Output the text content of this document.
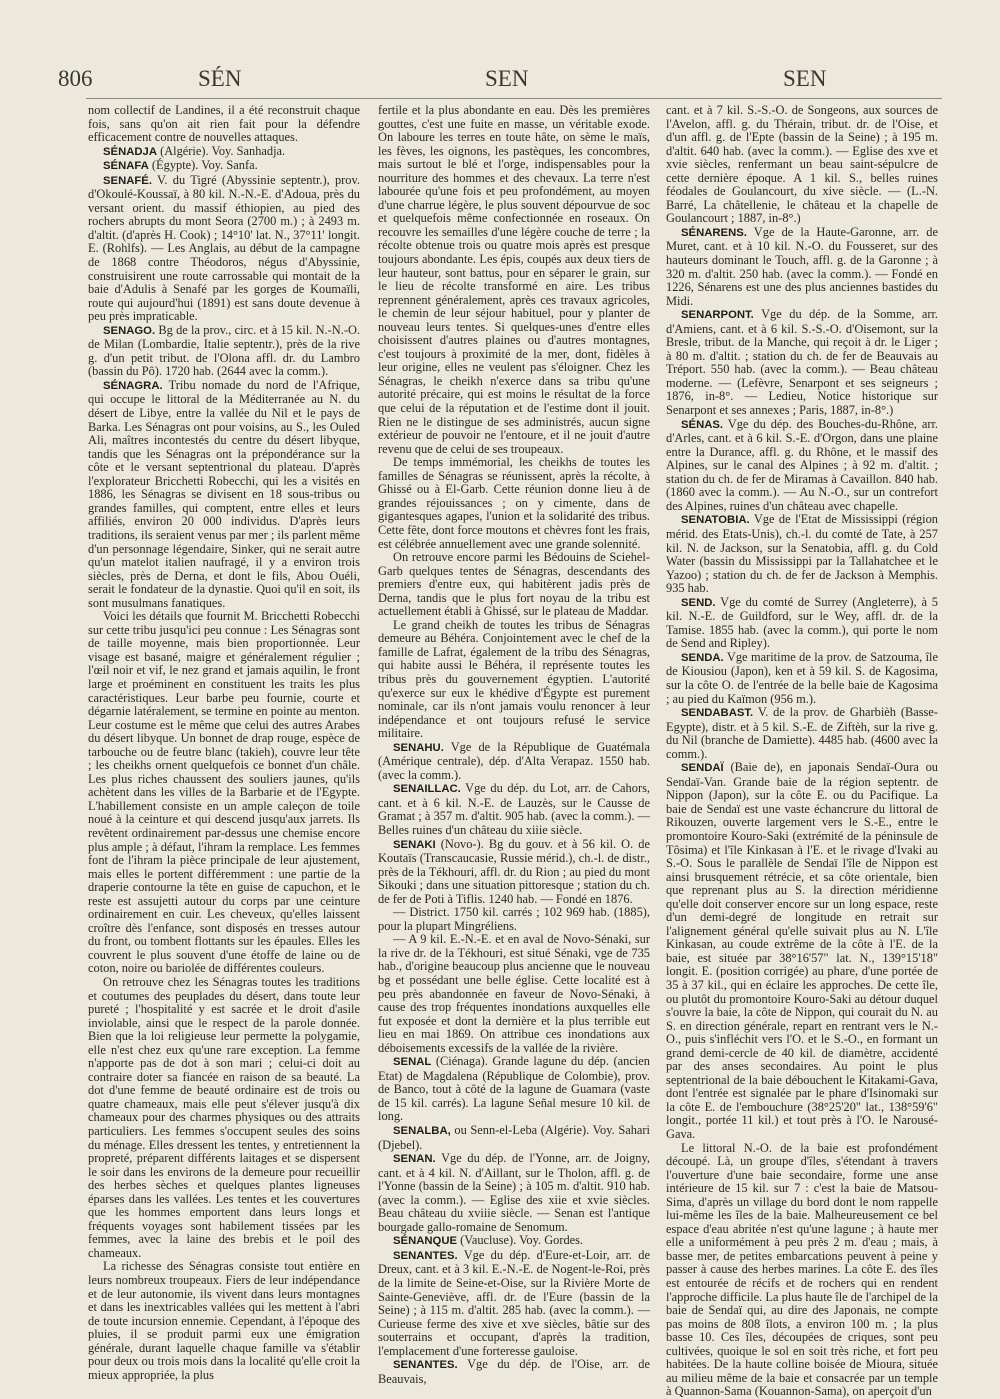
806	SÉN	SEN	SEN

nom collectif de Landines, il a été reconstruit chaque fois, sans qu'on ait rien fait pour la défendre efficacement contre de nouvelles attaques.

SÉNADJA (Algérie). Voy. Sanhadja.

SÉNAFA (Égypte). Voy. Sanfa.

SENAFÉ. V. du Tigré (Abyssinie septentr.), prov. d'Okoulé-Koussaï, à 80 kil. N.-N.-E. d'Adoua, près du versant orient. du massif éthiopien, au pied des rochers abrupts du mont Seora (2700 m.) ; à 2493 m. d'altit. (d'après H. Cook) ; 14°10' lat. N., 37°11' longit. E. (Rohlfs). — Les Anglais, au début de la campagne de 1868 contre Théodoros, négus d'Abyssinie, construisirent une route carrossable qui montait de la baie d'Adulis à Senafé par les gorges de Koumaïli, route qui aujourd'hui (1891) est sans doute devenue à peu près impraticable.

SENAGO. Bg de la prov., circ. et à 15 kil. N.-N.-O. de Milan (Lombardie, Italie septentr.), près de la rive g. d'un petit tribut. de l'Olona affl. dr. du Lambro (bassin du Pô). 1720 hab. (2644 avec la comm.).

SÉNAGRA. Tribu nomade du nord de l'Afrique, qui occupe le littoral de la Méditerranée au N. du désert de Libye, entre la vallée du Nil et le pays de Barka. Les Sénagras ont pour voisins, au S., les Ouled Ali, maîtres incontestés du centre du désert libyque, tandis que les Sénagras ont la prépondérance sur la côte et le versant septentrional du plateau. D'après l'explorateur Bricchetti Robecchi, qui les a visités en 1886, les Sénagras se divisent en 18 sous-tribus ou grandes familles, qui comptent, entre elles et leurs affiliés, environ 20 000 individus. D'après leurs traditions, ils seraient venus par mer ; ils parlent même d'un personnage légendaire, Sinker, qui ne serait autre qu'un matelot italien naufragé, il y a environ trois siècles, près de Derna, et dont le fils, Abou Ouéli, serait le fondateur de la dynastie. Quoi qu'il en soit, ils sont musulmans fanatiques.

Voici les détails que fournit M. Bricchetti Robecchi sur cette tribu jusqu'ici peu connue : Les Sénagras sont de taille moyenne, mais bien proportionnée. Leur visage est basané, maigre et généralement régulier ; l'œil noir et vif, le nez grand et jamais aquilin, le front large et proéminent en constituent les traits les plus caractéristiques. Leur barbe peu fournie, courte et dégarnie latéralement, se termine en pointe au menton. Leur costume est le même que celui des autres Arabes du désert libyque. Un bonnet de drap rouge, espèce de tarbouche ou de feutre blanc (takieh), couvre leur tête ; les cheikhs ornent quelquefois ce bonnet d'un châle. Les plus riches chaussent des souliers jaunes, qu'ils achètent dans les villes de la Barbarie et de l'Egypte. L'habillement consiste en un ample caleçon de toile noué à la ceinture et qui descend jusqu'aux jarrets. Ils revêtent ordinairement par-dessus une chemise encore plus ample ; à défaut, l'ihram la remplace. Les femmes font de l'ihram la pièce principale de leur ajustement, mais elles le portent différemment : une partie de la draperie contourne la tête en guise de capuchon, et le reste est assujetti autour du corps par une ceinture ordinairement en cuir. Les cheveux, qu'elles laissent croître dès l'enfance, sont disposés en tresses autour du front, ou tombent flottants sur les épaules. Elles les couvrent le plus souvent d'une étoffe de laine ou de coton, noire ou bariolée de différentes couleurs.

On retrouve chez les Sénagras toutes les traditions et coutumes des peuplades du désert, dans toute leur pureté ; l'hospitalité y est sacrée et le droit d'asile inviolable, ainsi que le respect de la parole donnée. Bien que la loi religieuse leur permette la polygamie, elle n'est chez eux qu'une rare exception. La femme n'apporte pas de dot à son mari ; celui-ci doit au contraire doter sa fiancée en raison de sa beauté. La dot d'une femme de beauté ordinaire est de trois ou quatre chameaux, mais elle peut s'élever jusqu'à dix chameaux pour des charmes physiques ou des attraits particuliers. Les femmes s'occupent seules des soins du ménage. Elles dressent les tentes, y entretiennent la propreté, préparent différents laitages et se dispersent le soir dans les environs de la demeure pour recueillir des herbes sèches et quelques plantes ligneuses éparses dans les vallées. Les tentes et les couvertures que les hommes emportent dans leurs longs et fréquents voyages sont habilement tissées par les femmes, avec la laine des brebis et le poil des chameaux.

La richesse des Sénagras consiste tout entière en leurs nombreux troupeaux. Fiers de leur indépendance et de leur autonomie, ils vivent dans leurs montagnes et dans les inextricables vallées qui les mettent à l'abri de toute incursion ennemie. Cependant, à l'époque des pluies, il se produit parmi eux une émigration générale, durant laquelle chaque famille va s'établir pour deux ou trois mois dans la localité qu'elle croit la mieux appropriée, la plus

fertile et la plus abondante en eau. Dès les premières gouttes, c'est une fuite en masse, un véritable exode. On laboure les terres en toute hâte, on sème le maïs, les fèves, les oignons, les pastèques, les concombres, mais surtout le blé et l'orge, indispensables pour la nourriture des hommes et des chevaux. La terre n'est labourée qu'une fois et peu profondément, au moyen d'une charrue légère, le plus souvent dépourvue de soc et quelquefois même confectionnée en roseaux. On recouvre les semailles d'une légère couche de terre ; la récolte obtenue trois ou quatre mois après est presque toujours abondante. Les épis, coupés aux deux tiers de leur hauteur, sont battus, pour en séparer le grain, sur le lieu de récolte transformé en aire. Les tribus reprennent généralement, après ces travaux agricoles, le chemin de leur séjour habituel, pour y planter de nouveau leurs tentes. Si quelques-unes d'entre elles choisissent d'autres plaines ou d'autres montagnes, c'est toujours à proximité de la mer, dont, fidèles à leur origine, elles ne veulent pas s'éloigner. Chez les Sénagras, le cheikh n'exerce dans sa tribu qu'une autorité précaire, qui est moins le résultat de la force que celui de la réputation et de l'estime dont il jouit. Rien ne le distingue de ses administrés, aucun signe extérieur de pouvoir ne l'entoure, et il ne jouit d'autre revenu que de celui de ses troupeaux.

De temps immémorial, les cheikhs de toutes les familles de Sénagras se réunissent, après la récolte, à Ghissé ou à El-Garb. Cette réunion donne lieu à de grandes réjouissances ; on y cimente, dans de gigantesques agapes, l'union et la solidarité des tribus. Cette fête, dont force moutons et chèvres font les frais, est célébrée annuellement avec une grande solennité.

On retrouve encore parmi les Bédouins de Sciehel-Garb quelques tentes de Sénagras, descendants des premiers d'entre eux, qui habitèrent jadis près de Derna, tandis que le plus fort noyau de la tribu est actuellement établi à Ghissé, sur le plateau de Maddar.

Le grand cheikh de toutes les tribus de Sénagras demeure au Béhéra. Conjointement avec le chef de la famille de Lafrat, également de la tribu des Sénagras, qui habite aussi le Béhéra, il représente toutes les tribus près du gouvernement égyptien. L'autorité qu'exerce sur eux le khédive d'Égypte est purement nominale, car ils n'ont jamais voulu renoncer à leur indépendance et ont toujours refusé le service militaire.

SENAHU. Vge de la République de Guatémala (Amérique centrale), dép. d'Alta Verapaz. 1550 hab. (avec la comm.).

SENAILLAC. Vge du dép. du Lot, arr. de Cahors, cant. et à 6 kil. N.-E. de Lauzès, sur le Causse de Gramat ; à 357 m. d'altit. 905 hab. (avec la comm.). — Belles ruines d'un château du xiiie siècle.

SENAKI (Novo-). Bg du gouv. et à 56 kil. O. de Koutaïs (Transcaucasie, Russie mérid.), ch.-l. de distr., près de la Tékhouri, affl. dr. du Rion ; au pied du mont Sikouki ; dans une situation pittoresque ; station du ch. de fer de Poti à Tiflis. 1240 hab. — Fondé en 1876.

— District. 1750 kil. carrés ; 102 969 hab. (1885), pour la plupart Mingréliens.

— A 9 kil. E.-N.-E. et en aval de Novo-Sénaki, sur la rive dr. de la Tékhouri, est situé Sénaki, vge de 735 hab., d'origine beaucoup plus ancienne que le nouveau bg et possédant une belle église. Cette localité est à peu près abandonnée en faveur de Novo-Sénaki, à cause des trop fréquentes inondations auxquelles elle fut exposée et dont la dernière et la plus terrible eut lieu en mai 1869. On attribue ces inondations aux déboisements excessifs de la vallée de la rivière.

SENAL (Ciénaga). Grande lagune du dép. (ancien Etat) de Magdalena (République de Colombie), prov. de Banco, tout à côté de la lagune de Guamara (vaste de 15 kil. carrés). La lagune Señal mesure 10 kil. de long.

SENALBA, ou Senn-el-Leba (Algérie). Voy. Sahari (Djebel).

SENAN. Vge du dép. de l'Yonne, arr. de Joigny, cant. et à 4 kil. N. d'Aillant, sur le Tholon, affl. g. de l'Yonne (bassin de la Seine) ; à 105 m. d'altit. 910 hab. (avec la comm.). — Eglise des xiie et xvie siècles. Beau château du xviiie siècle. — Senan est l'antique bourgade gallo-romaine de Senomum.

SÉNANQUE (Vaucluse). Voy. Gordes.

SENANTES. Vge du dép. d'Eure-et-Loir, arr. de Dreux, cant. et à 3 kil. E.-N.-E. de Nogent-le-Roi, près de la limite de Seine-et-Oise, sur la Rivière Morte de Sainte-Geneviève, affl. dr. de l'Eure (bassin de la Seine) ; à 115 m. d'altit. 285 hab. (avec la comm.). — Curieuse ferme des xive et xve siècles, bâtie sur des souterrains et occupant, d'après la tradition, l'emplacement d'une forteresse gauloise.

SENANTES. Vge du dép. de l'Oise, arr. de Beauvais,

cant. et à 7 kil. S.-S.-O. de Songeons, aux sources de l'Avelon, affl. g. du Thérain, tribut. dr. de l'Oise, et d'un affl. g. de l'Epte (bassin de la Seine) ; à 195 m. d'altit. 640 hab. (avec la comm.). — Eglise des xve et xvie siècles, renfermant un beau saint-sépulcre de cette dernière époque. A 1 kil. S., belles ruines féodales de Goulancourt, du xive siècle. — (L.-N. Barré, La châtellenie, le château et la chapelle de Goulancourt ; 1887, in-8°.)

SÉNARENS. Vge de la Haute-Garonne, arr. de Muret, cant. et à 10 kil. N.-O. du Fousseret, sur des hauteurs dominant le Touch, affl. g. de la Garonne ; à 320 m. d'altit. 250 hab. (avec la comm.). — Fondé en 1226, Sénarens est une des plus anciennes bastides du Midi.

SENARPONT. Vge du dép. de la Somme, arr. d'Amiens, cant. et à 6 kil. S.-S.-O. d'Oisemont, sur la Bresle, tribut. de la Manche, qui reçoit à dr. le Liger ; à 80 m. d'altit. ; station du ch. de fer de Beauvais au Tréport. 550 hab. (avec la comm.). — Beau château moderne. — (Lefèvre, Senarpont et ses seigneurs ; 1876, in-8°. — Ledieu, Notice historique sur Senarpont et ses annexes ; Paris, 1887, in-8°.)

SÉNAS. Vge du dép. des Bouches-du-Rhône, arr. d'Arles, cant. et à 6 kil. S.-E. d'Orgon, dans une plaine entre la Durance, affl. g. du Rhône, et le massif des Alpines, sur le canal des Alpines ; à 92 m. d'altit. ; station du ch. de fer de Miramas à Cavaillon. 840 hab. (1860 avec la comm.). — Au N.-O., sur un contrefort des Alpines, ruines d'un château avec chapelle.

SENATOBIA. Vge de l'Etat de Mississippi (région mérid. des Etats-Unis), ch.-l. du comté de Tate, à 257 kil. N. de Jackson, sur la Senatobia, affl. g. du Cold Water (bassin du Mississippi par la Tallahatchee et le Yazoo) ; station du ch. de fer de Jackson à Memphis. 935 hab.

SEND. Vge du comté de Surrey (Angleterre), à 5 kil. N.-E. de Guildford, sur le Wey, affl. dr. de la Tamise. 1855 hab. (avec la comm.), qui porte le nom de Send and Ripley).

SENDA. Vge maritime de la prov. de Satzouma, île de Kiousiou (Japon), ken et à 59 kil. S. de Kagosima, sur la côte O. de l'entrée de la belle baie de Kagosima ; au pied du Kaïmon (956 m.).

SENDABAST. V. de la prov. de Gharbièh (Basse-Egypte), distr. et à 5 kil. S.-E. de Ziftèh, sur la rive g. du Nil (branche de Damiette). 4485 hab. (4600 avec la comm.).

SENDAÏ (Baie de), en japonais Sendaï-Oura ou Sendaï-Van. Grande baie de la région septentr. de Nippon (Japon), sur la côte E. ou du Pacifique. La baie de Sendaï est une vaste échancrure du littoral de Rikouzen, ouverte largement vers le S.-E., entre le promontoire Kouro-Saki (extrémité de la péninsule de Tôsima) et l'île Kinkasan à l'E. et le rivage d'Ivaki au S.-O. Sous le parallèle de Sendaï l'île de Nippon est ainsi brusquement rétrécie, et sa côte orientale, bien que reprenant plus au S. la direction méridienne qu'elle doit conserver encore sur un long espace, reste d'un demi-degré de longitude en retrait sur l'alignement général qu'elle suivait plus au N. L'île Kinkasan, au coude extrême de la côte à l'E. de la baie, est située par 38°16'57" lat. N., 139°15'18" longit. E. (position corrigée) au phare, d'une portée de 35 à 37 kil., qui en éclaire les approches. De cette île, ou plutôt du promontoire Kouro-Saki au détour duquel s'ouvre la baie, la côte de Nippon, qui courait du N. au S. en direction générale, repart en rentrant vers le N.-O., puis s'infléchit vers l'O. et le S.-O., en formant un grand demi-cercle de 40 kil. de diamètre, accidenté par des anses secondaires. Au point le plus septentrional de la baie débouchent le Kitakami-Gava, dont l'entrée est signalée par le phare d'Isinomaki sur la côte E. de l'embouchure (38°25'20" lat., 138°59'6" longit., portée 11 kil.) et tout près à l'O. le Narousé-Gava.

Le littoral N.-O. de la baie est profondément découpé. Là, un groupe d'îles, s'étendant à travers l'ouverture d'une baie secondaire, forme une anse intérieure de 15 kil. sur 7 : c'est la baie de Matsou-Sima, d'après un village du bord dont le nom rappelle lui-même les îles de la baie. Malheureusement ce bel espace d'eau abritée n'est qu'une lagune ; à haute mer elle a uniformément à peu près 2 m. d'eau ; mais, à basse mer, de petites embarcations peuvent à peine y passer à cause des herbes marines. La côte E. des îles est entourée de récifs et de rochers qui en rendent l'approche difficile. La plus haute île de l'archipel de la baie de Sendaï qui, au dire des Japonais, ne compte pas moins de 808 îlots, a environ 100 m. ; la plus basse 10. Ces îles, découpées de criques, sont peu cultivées, quoique le sol en soit très riche, et fort peu habitées. De la haute colline boisée de Mioura, située au milieu même de la baie et consacrée par un temple à Quannon-Sama (Kouannon-Sama), on aperçoit d'un
